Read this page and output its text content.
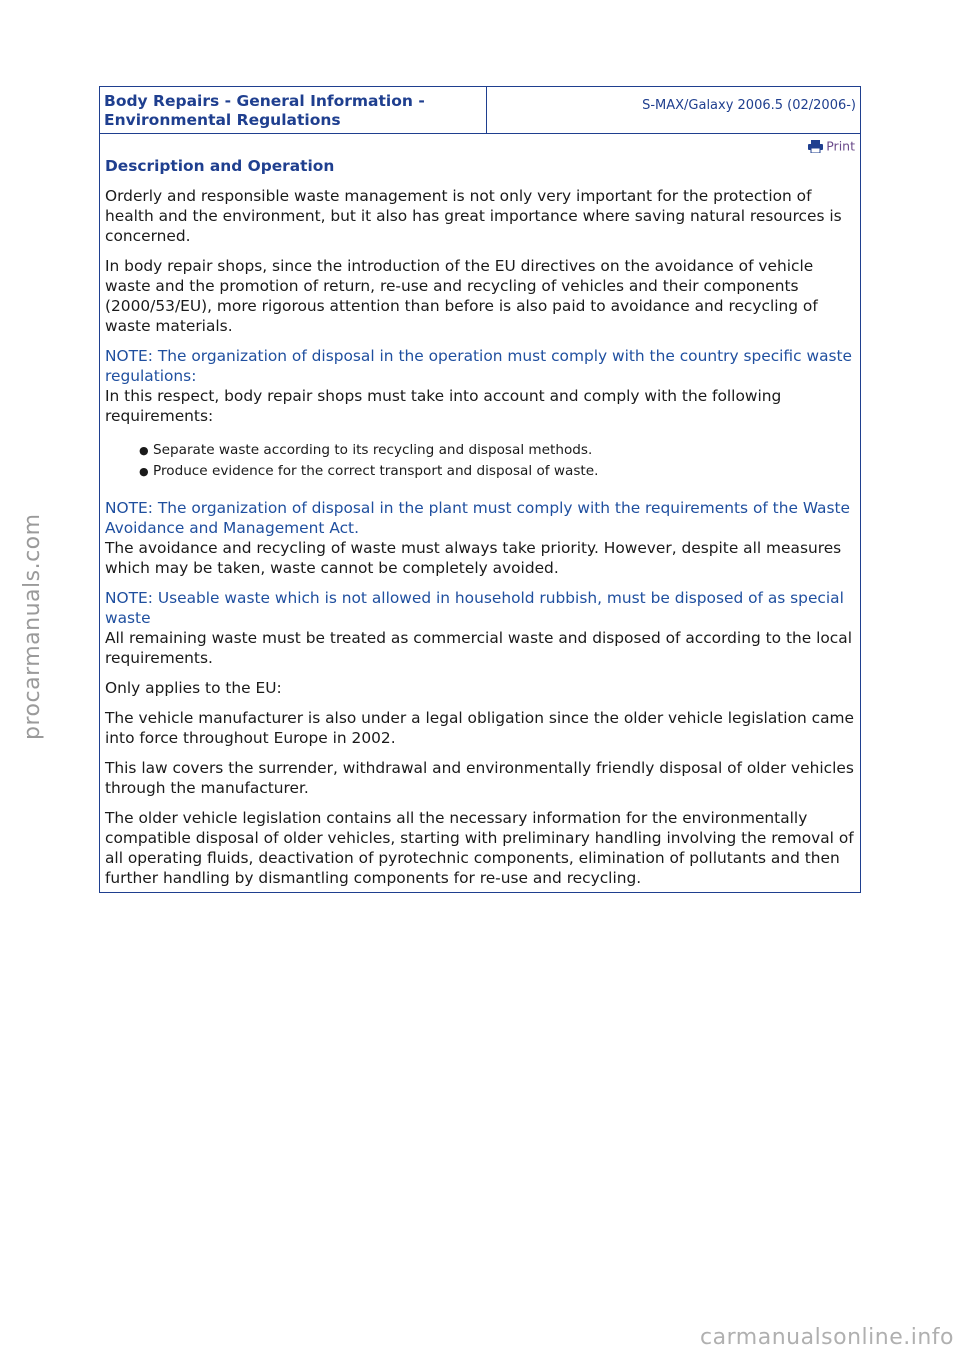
Body Repairs - General Information -
Environmental Regulations
S-MAX/Galaxy 2006.5 (02/2006-)
Print
Description and Operation

Orderly and responsible waste management is not only very important for the protection of health and the environment, but it also has great importance where saving natural resources is concerned.

In body repair shops, since the introduction of the EU directives on the avoidance of vehicle waste and the promotion of return, re-use and recycling of vehicles and their components (2000/53/EU), more rigorous attention than before is also paid to avoidance and recycling of waste materials.

NOTE: The organization of disposal in the operation must comply with the country specific waste regulations:
In this respect, body repair shops must take into account and comply with the following requirements:
● Separate waste according to its recycling and disposal methods.
● Produce evidence for the correct transport and disposal of waste.
NOTE: The organization of disposal in the plant must comply with the requirements of the Waste Avoidance and Management Act.
The avoidance and recycling of waste must always take priority. However, despite all measures which may be taken, waste cannot be completely avoided.
NOTE: Useable waste which is not allowed in household rubbish, must be disposed of as special waste
All remaining waste must be treated as commercial waste and disposed of according to the local requirements.

Only applies to the EU:

The vehicle manufacturer is also under a legal obligation since the older vehicle legislation came into force throughout Europe in 2002.

This law covers the surrender, withdrawal and environmentally friendly disposal of older vehicles through the manufacturer.

The older vehicle legislation contains all the necessary information for the environmentally compatible disposal of older vehicles, starting with preliminary handling involving the removal of all operating fluids, deactivation of pyrotechnic components, elimination of pollutants and then further handling by dismantling components for re-use and recycling.

procarmanuals.com
carmanualsonline.info
